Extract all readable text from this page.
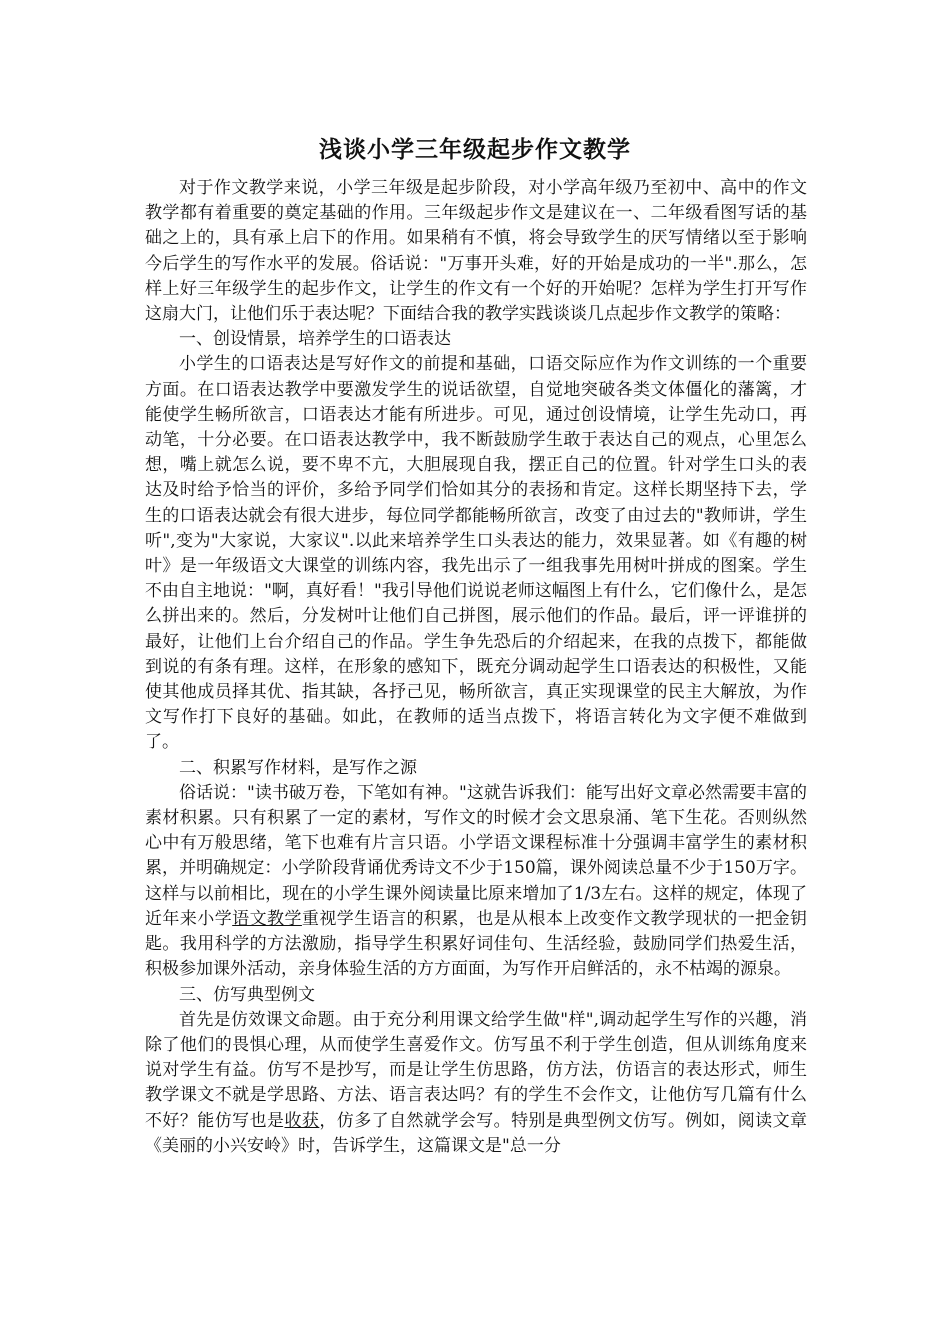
浅谈小学三年级起步作文教学

对于作文教学来说，小学三年级是起步阶段，对小学高年级乃至初中、高中的作文教学都有着重要的奠定基础的作用。三年级起步作文是建议在一、二年级看图写话的基础之上的，具有承上启下的作用。如果稍有不慎，将会导致学生的厌写情绪以至于影响今后学生的写作水平的发展。俗话说："万事开头难，好的开始是成功的一半".那么，怎样上好三年级学生的起步作文，让学生的作文有一个好的开始呢？怎样为学生打开写作这扇大门，让他们乐于表达呢？下面结合我的教学实践谈谈几点起步作文教学的策略：

一、创设情景，培养学生的口语表达

小学生的口语表达是写好作文的前提和基础，口语交际应作为作文训练的一个重要方面。在口语表达教学中要激发学生的说话欲望，自觉地突破各类文体僵化的藩篱，才能使学生畅所欲言，口语表达才能有所进步。可见，通过创设情境，让学生先动口，再动笔，十分必要。在口语表达教学中，我不断鼓励学生敢于表达自己的观点，心里怎么想，嘴上就怎么说，要不卑不亢，大胆展现自我，摆正自己的位置。针对学生口头的表达及时给予恰当的评价，多给予同学们恰如其分的表扬和肯定。这样长期坚持下去，学生的口语表达就会有很大进步，每位同学都能畅所欲言，改变了由过去的"教师讲，学生听",变为"大家说，大家议".以此来培养学生口头表达的能力，效果显著。如《有趣的树叶》是一年级语文大课堂的训练内容，我先出示了一组我事先用树叶拼成的图案。学生不由自主地说："啊，真好看！"我引导他们说说老师这幅图上有什么，它们像什么，是怎么拼出来的。然后，分发树叶让他们自己拼图，展示他们的作品。最后，评一评谁拼的最好，让他们上台介绍自己的作品。学生争先恐后的介绍起来，在我的点拨下，都能做到说的有条有理。这样，在形象的感知下，既充分调动起学生口语表达的积极性，又能使其他成员择其优、指其缺，各抒己见，畅所欲言，真正实现课堂的民主大解放，为作文写作打下良好的基础。如此，在教师的适当点拨下，将语言转化为文字便不难做到了。

二、积累写作材料，是写作之源

俗话说："读书破万卷，下笔如有神。"这就告诉我们：能写出好文章必然需要丰富的素材积累。只有积累了一定的素材，写作文的时候才会文思泉涌、笔下生花。否则纵然心中有万般思绪，笔下也难有片言只语。小学语文课程标准十分强调丰富学生的素材积累，并明确规定：小学阶段背诵优秀诗文不少于150篇，课外阅读总量不少于150万字。这样与以前相比，现在的小学生课外阅读量比原来增加了1/3左右。这样的规定，体现了近年来小学语文教学重视学生语言的积累，也是从根本上改变作文教学现状的一把金钥匙。我用科学的方法激励，指导学生积累好词佳句、生活经验，鼓励同学们热爱生活，积极参加课外活动，亲身体验生活的方方面面，为写作开启鲜活的，永不枯竭的源泉。

三、仿写典型例文

首先是仿效课文命题。由于充分利用课文给学生做"样",调动起学生写作的兴趣，消除了他们的畏惧心理，从而使学生喜爱作文。仿写虽不利于学生创造，但从训练角度来说对学生有益。仿写不是抄写，而是让学生仿思路，仿方法，仿语言的表达形式，师生教学课文不就是学思路、方法、语言表达吗？有的学生不会作文，让他仿写几篇有什么不好？能仿写也是收获，仿多了自然就学会写。特别是典型例文仿写。例如，阅读文章《美丽的小兴安岭》时，告诉学生，这篇课文是"总一分
